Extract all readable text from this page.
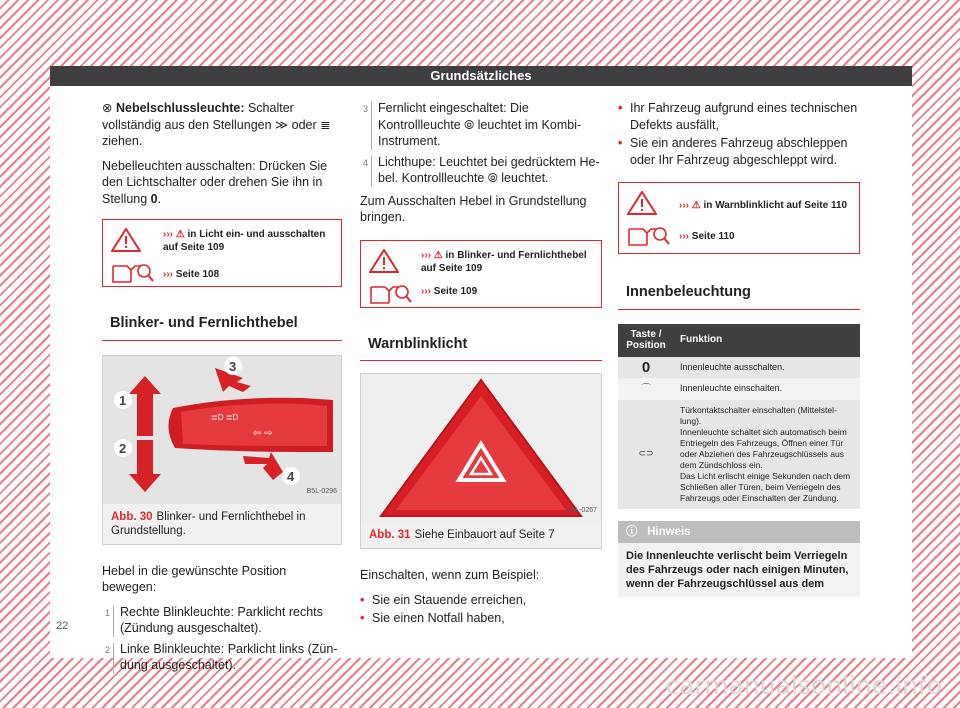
Grundsätzliches

⊗ Nebelschlussleuchte: Schalter vollständig aus den Stellungen ≫ oder ≣ ziehen.

Nebelleuchten ausschalten: Drücken Sie den Lichtschalter oder drehen Sie ihn in Stellung 0.

››› ⚠ in Licht ein- und ausschalten auf Seite 109
››› Seite 108
Blinker- und Fernlichthebel
≣D ≣D
⇦ ⇨
1
2
3
4
B5L-0296
Abb. 30 Blinker- und Fernlichthebel in Grundstellung.

Hebel in die gewünschte Position bewegen:

1 Rechte Blinkleuchte: Parklicht rechts (Zündung ausgeschaltet).
2 Linke Blinkleuchte: Parklicht links (Zündung ausgeschaltet).
3 Fernlicht eingeschaltet: Die Kontrollleuchte ⦾ leuchtet im Kombi-Instrument.
4 Lichthupe: Leuchtet bei gedrücktem Hebel. Kontrollleuchte ⦾ leuchtet.

Zum Ausschalten Hebel in Grundstellung bringen.

››› ⚠ in Blinker- und Fernlichthebel auf Seite 109
››› Seite 109
Warnblinklicht
B5L-0267
Abb. 31 Siehe Einbauort auf Seite 7

Einschalten, wenn zum Beispiel:

• Sie ein Stauende erreichen,
• Sie einen Notfall haben,
• Ihr Fahrzeug aufgrund eines technischen Defekts ausfällt,
• Sie ein anderes Fahrzeug abschleppen oder Ihr Fahrzeug abgeschleppt wird.

››› ⚠ in Warnblinklicht auf Seite 110
››› Seite 110
Innenbeleuchtung
Taste / Position	Funktion
0	Innenleuchte ausschalten.
⌒	Innenleuchte einschalten.
⊂⊃	Türkontaktschalter einschalten (Mittelstellung).
Innenleuchte schaltet sich automatisch beim Entriegeln des Fahrzeugs, Öffnen einer Tür oder Abziehen des Fahrzeugschlüssels aus dem Zündschloss ein.
Das Licht erlischt einige Sekunden nach dem Schließen aller Türen, beim Verriegeln des Fahrzeugs oder Einschalten der Zündung.
ⓘ Hinweis
Die Innenleuchte verlischt beim Verriegeln des Fahrzeugs oder nach einigen Minuten, wenn der Fahrzeugschlüssel aus dem
22
carmanualsonline.info
